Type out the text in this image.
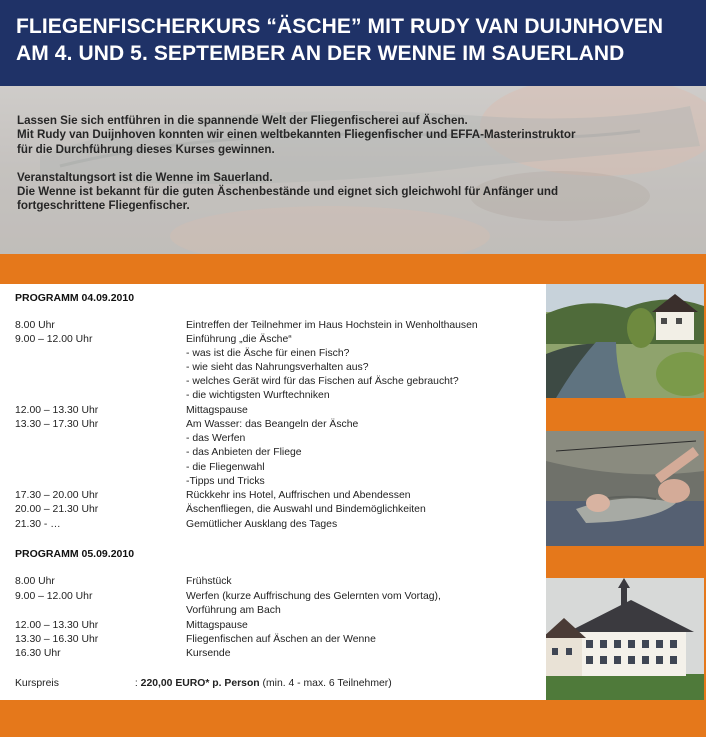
FLIEGENFISCHERKURS “ÄSCHE” MIT RUDY VAN DUIJNHOVEN
AM 4. UND 5. SEPTEMBER AN DER WENNE IM SAUERLAND

Lassen Sie sich entführen in die spannende Welt der Fliegenfischerei auf Äschen.

Mit Rudy van Duijnhoven konnten wir einen weltbekannten Fliegenfischer und EFFA-Masterinstruktor

für die Durchführung dieses Kurses gewinnen.

Veranstaltungsort ist die Wenne im Sauerland.

Die Wenne ist bekannt für die guten Äschenbestände und eignet sich gleichwohl für Anfänger und

fortgeschrittene Fliegenfischer.

PROGRAMM 04.09.2010
8.00 Uhr	Eintreffen der Teilnehmer im Haus Hochstein in Wenholthausen
9.00 – 12.00 Uhr	Einführung „die Äsche“
- was ist die Äsche für einen Fisch?
- wie sieht das Nahrungsverhalten aus?
- welches Gerät wird für das Fischen auf Äsche gebraucht?
- die wichtigsten Wurftechniken
12.00 – 13.30 Uhr	Mittagspause
13.30 – 17.30 Uhr	Am Wasser: das Beangeln der Äsche
- das Werfen
- das Anbieten der Fliege
- die Fliegenwahl
-Tipps und Tricks
17.30 – 20.00 Uhr	Rückkehr ins Hotel, Auffrischen und Abendessen
20.00 – 21.30 Uhr	Äschenfliegen, die Auswahl und Bindemöglichkeiten
21.30 - …	Gemütlicher Ausklang des Tages
PROGRAMM 05.09.2010
8.00 Uhr	Frühstück
9.00 – 12.00 Uhr	Werfen (kurze Auffrischung des Gelernten vom Vortag),
Vorführung am Bach
12.00 – 13.30 Uhr	Mittagspause
13.30 – 16.30 Uhr	Fliegenfischen auf Äschen an der Wenne
16.30 Uhr	Kursende
Kurspreis	: 220,00 EURO* p. Person (min. 4 - max. 6 Teilnehmer)
